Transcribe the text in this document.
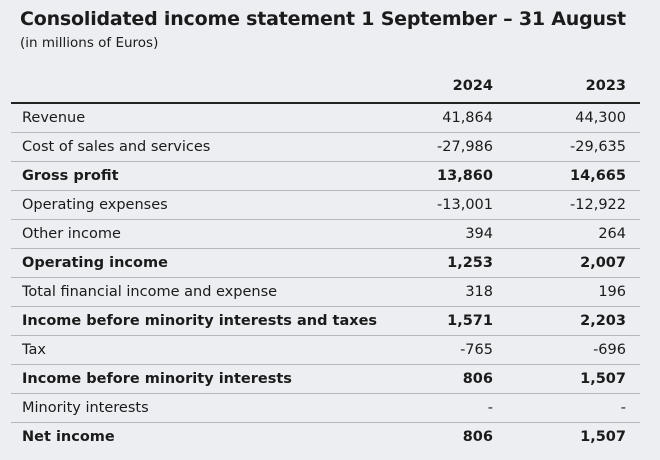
Consolidated income statement 1 September – 31 August
(in millions of Euros)
2024	2023
Revenue	41,864	44,300
Cost of sales and services	-27,986	-29,635
Gross profit	13,860	14,665
Operating expenses	-13,001	-12,922
Other income	394	264
Operating income	1,253	2,007
Total financial income and expense	318	196
Income before minority interests and taxes	1,571	2,203
Tax	-765	-696
Income before minority interests	806	1,507
Minority interests	-	-
Net income	806	1,507
